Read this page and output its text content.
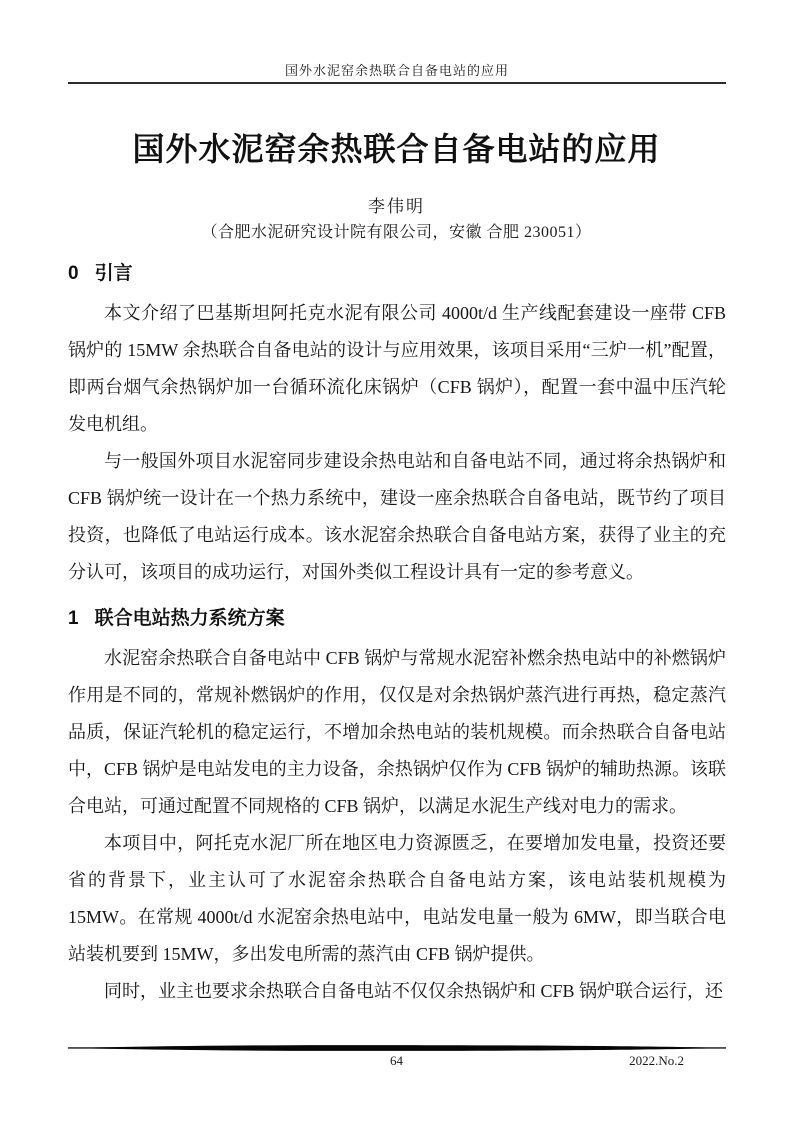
国外水泥窑余热联合自备电站的应用
国外水泥窑余热联合自备电站的应用
李伟明
（合肥水泥研究设计院有限公司，安徽 合肥 230051）
0 引言

本文介绍了巴基斯坦阿托克水泥有限公司 4000t/d 生产线配套建设一座带 CFB 锅炉的 15MW 余热联合自备电站的设计与应用效果，该项目采用“三炉一机”配置，即两台烟气余热锅炉加一台循环流化床锅炉（CFB 锅炉），配置一套中温中压汽轮发电机组。

与一般国外项目水泥窑同步建设余热电站和自备电站不同，通过将余热锅炉和 CFB 锅炉统一设计在一个热力系统中，建设一座余热联合自备电站，既节约了项目投资，也降低了电站运行成本。该水泥窑余热联合自备电站方案，获得了业主的充分认可，该项目的成功运行，对国外类似工程设计具有一定的参考意义。

1 联合电站热力系统方案

水泥窑余热联合自备电站中 CFB 锅炉与常规水泥窑补燃余热电站中的补燃锅炉作用是不同的，常规补燃锅炉的作用，仅仅是对余热锅炉蒸汽进行再热，稳定蒸汽品质，保证汽轮机的稳定运行，不增加余热电站的装机规模。而余热联合自备电站中，CFB 锅炉是电站发电的主力设备，余热锅炉仅作为 CFB 锅炉的辅助热源。该联合电站，可通过配置不同规格的 CFB 锅炉，以满足水泥生产线对电力的需求。

本项目中，阿托克水泥厂所在地区电力资源匮乏，在要增加发电量，投资还要省的背景下，业主认可了水泥窑余热联合自备电站方案，该电站装机规模为 15MW。在常规 4000t/d 水泥窑余热电站中，电站发电量一般为 6MW，即当联合电站装机要到 15MW，多出发电所需的蒸汽由 CFB 锅炉提供。

同时，业主也要求余热联合自备电站不仅仅余热锅炉和 CFB 锅炉联合运行，还

64	2022.No.2
